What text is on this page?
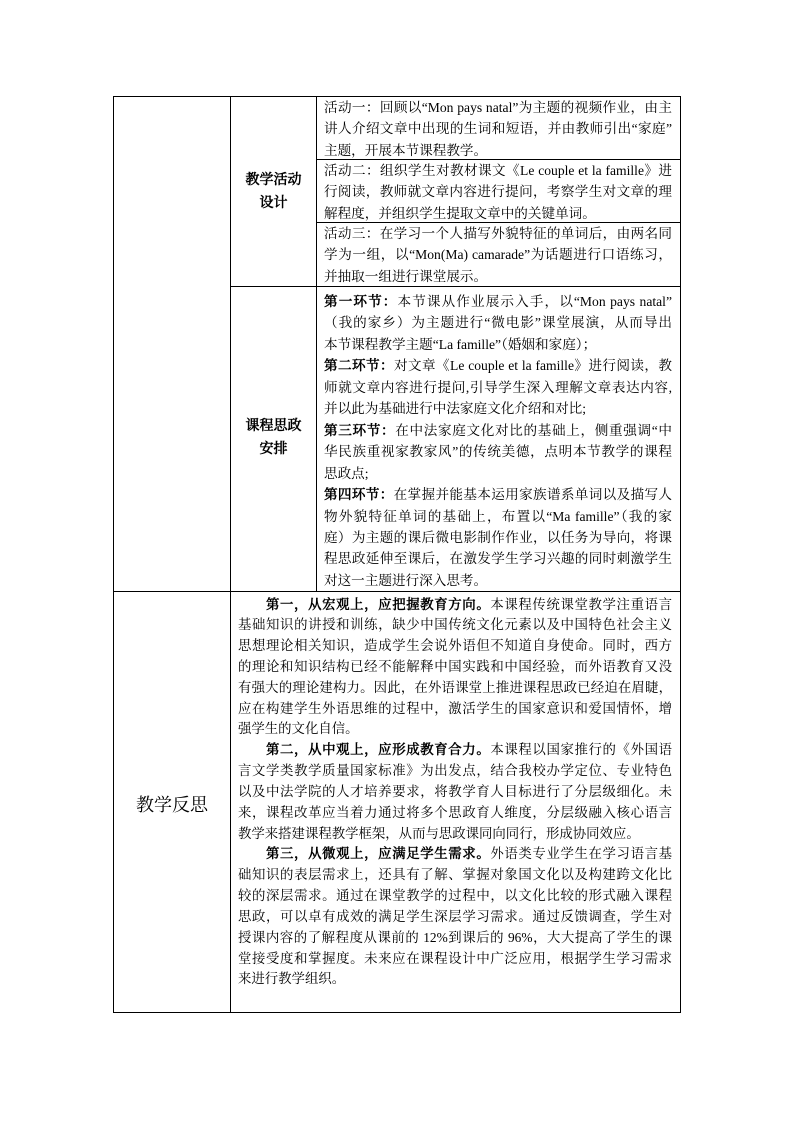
教学活动
设计
活动一：回顾以“Mon pays natal”为主题的视频作业，由主
讲人介绍文章中出现的生词和短语，并由教师引出“家庭”
主题，开展本节课程教学。
活动二：组织学生对教材课文《Le couple et la famille》进
行阅读，教师就文章内容进行提问，考察学生对文章的理
解程度，并组织学生提取文章中的关键单词。
活动三：在学习一个人描写外貌特征的单词后，由两名同
学为一组，以“Mon(Ma) camarade”为话题进行口语练习，
并抽取一组进行课堂展示。
课程思政
安排
第一环节：本节课从作业展示入手，以“Mon pays natal”
（我的家乡）为主题进行“微电影”课堂展演，从而导出
本节课程教学主题“La famille”（婚姻和家庭）；
第二环节：对文章《Le couple et la famille》进行阅读，教
师就文章内容进行提问,引导学生深入理解文章表达内容,
并以此为基础进行中法家庭文化介绍和对比;
第三环节：在中法家庭文化对比的基础上，侧重强调“中
华民族重视家教家风”的传统美德，点明本节教学的课程
思政点;
第四环节：在掌握并能基本运用家族谱系单词以及描写人
物外貌特征单词的基础上，布置以“Ma famille”（我的家
庭）为主题的课后微电影制作作业，以任务为导向，将课
程思政延伸至课后，在激发学生学习兴趣的同时刺激学生
对这一主题进行深入思考。
教学反思
第一，从宏观上，应把握教育方向。本课程传统课堂教学注重语言
基础知识的讲授和训练，缺少中国传统文化元素以及中国特色社会主义
思想理论相关知识，造成学生会说外语但不知道自身使命。同时，西方
的理论和知识结构已经不能解释中国实践和中国经验，而外语教育又没
有强大的理论建构力。因此，在外语课堂上推进课程思政已经迫在眉睫，
应在构建学生外语思维的过程中，激活学生的国家意识和爱国情怀，增
强学生的文化自信。
第二，从中观上，应形成教育合力。本课程以国家推行的《外国语
言文学类教学质量国家标准》为出发点，结合我校办学定位、专业特色
以及中法学院的人才培养要求，将教学育人目标进行了分层级细化。未
来，课程改革应当着力通过将多个思政育人维度，分层级融入核心语言
教学来搭建课程教学框架，从而与思政课同向同行，形成协同效应。
第三，从微观上，应满足学生需求。外语类专业学生在学习语言基
础知识的表层需求上，还具有了解、掌握对象国文化以及构建跨文化比
较的深层需求。通过在课堂教学的过程中，以文化比较的形式融入课程
思政，可以卓有成效的满足学生深层学习需求。通过反馈调查，学生对
授课内容的了解程度从课前的 12%到课后的 96%，大大提高了学生的课
堂接受度和掌握度。未来应在课程设计中广泛应用，根据学生学习需求
来进行教学组织。
